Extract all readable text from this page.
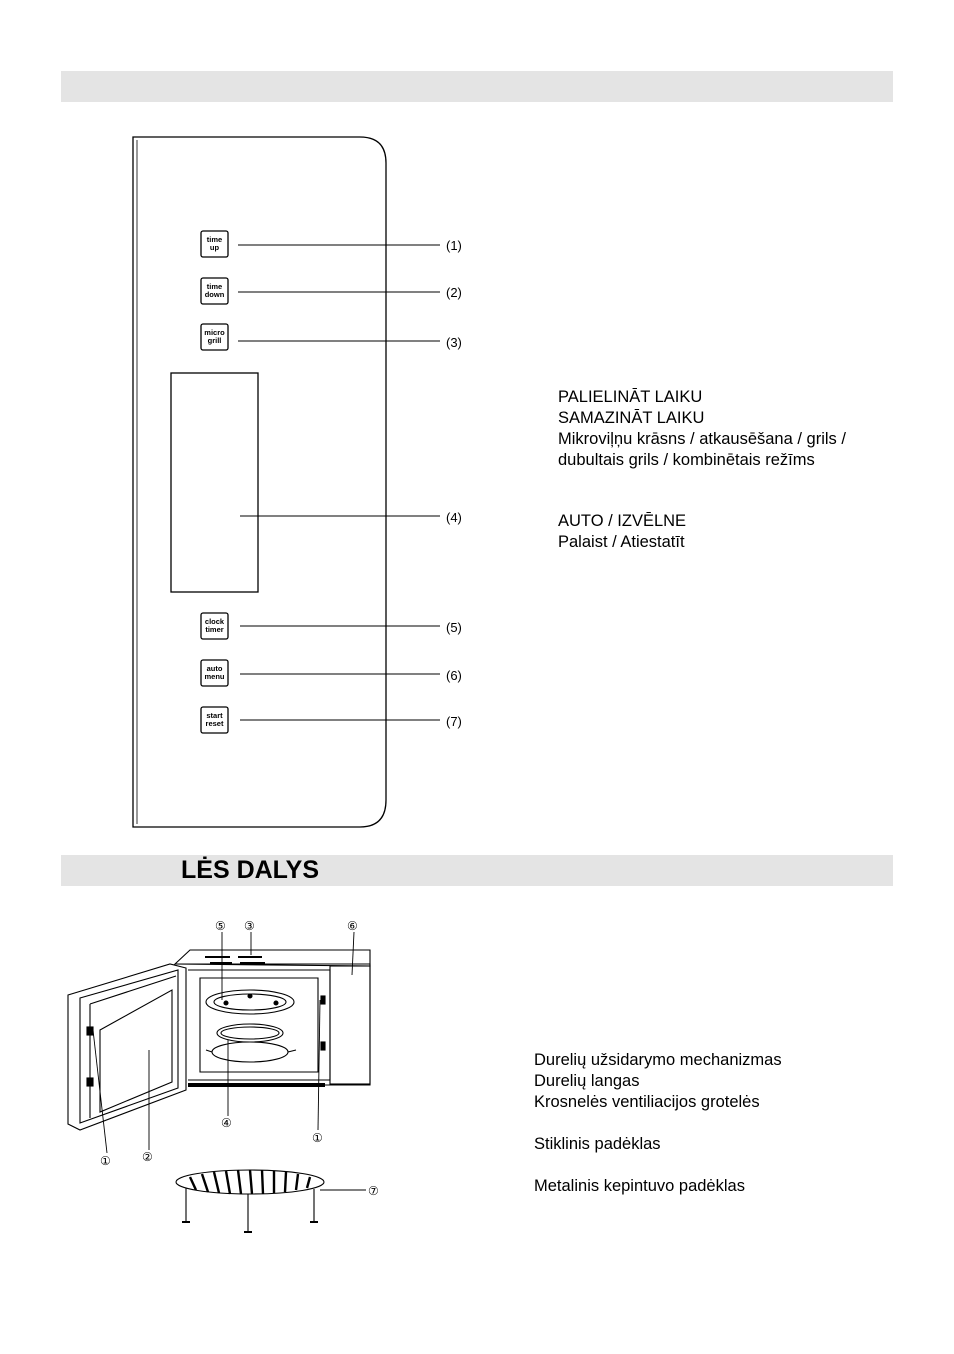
LĖS DALYS
time
up	(1)
time
down	(2)
micro
grill	(3)
(4)
clock
timer	(5)
auto
menu	(6)
start
reset	(7)
⑤ ③	⑥
①	②
④
①
⑦
PALIELINĀT LAIKU
SAMAZINĀT LAIKU
Mikroviļņu krāsns / atkausēšana / grils /
dubultais grils / kombinētais režīms
AUTO / IZVĒLNE
Palaist / Atiestatīt
Durelių užsidarymo mechanizmas
Durelių langas
Krosnelės ventiliacijos grotelės
Stiklinis padėklas
Metalinis kepintuvo padėklas
